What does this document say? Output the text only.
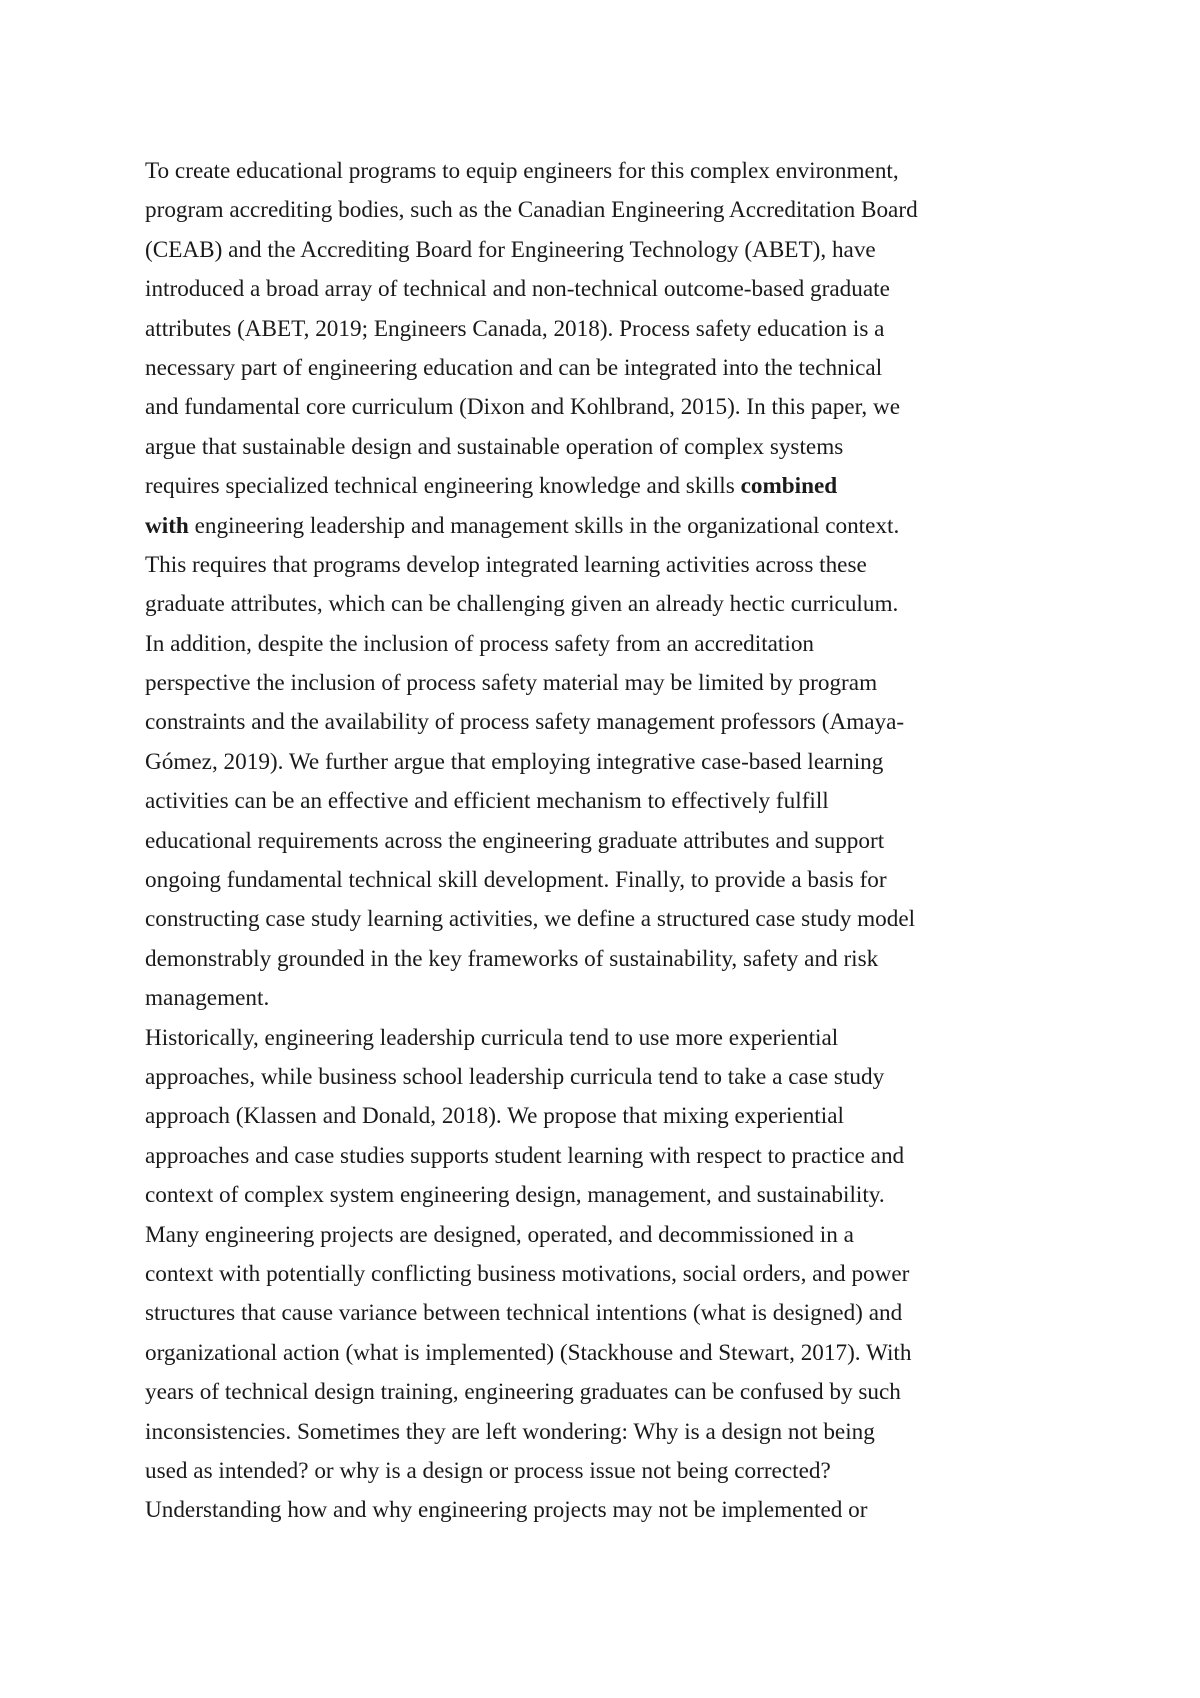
To create educational programs to equip engineers for this complex environment,
program accrediting bodies, such as the Canadian Engineering Accreditation Board
(CEAB) and the Accrediting Board for Engineering Technology (ABET), have
introduced a broad array of technical and non-technical outcome-based graduate
attributes (ABET, 2019; Engineers Canada, 2018). Process safety education is a
necessary part of engineering education and can be integrated into the technical
and fundamental core curriculum (Dixon and Kohlbrand, 2015). In this paper, we
argue that sustainable design and sustainable operation of complex systems
requires specialized technical engineering knowledge and skills combined
with engineering leadership and management skills in the organizational context.
This requires that programs develop integrated learning activities across these
graduate attributes, which can be challenging given an already hectic curriculum.
In addition, despite the inclusion of process safety from an accreditation
perspective the inclusion of process safety material may be limited by program
constraints and the availability of process safety management professors (Amaya-
Gómez, 2019). We further argue that employing integrative case-based learning
activities can be an effective and efficient mechanism to effectively fulfill
educational requirements across the engineering graduate attributes and support
ongoing fundamental technical skill development. Finally, to provide a basis for
constructing case study learning activities, we define a structured case study model
demonstrably grounded in the key frameworks of sustainability, safety and risk
management.
Historically, engineering leadership curricula tend to use more experiential
approaches, while business school leadership curricula tend to take a case study
approach (Klassen and Donald, 2018). We propose that mixing experiential
approaches and case studies supports student learning with respect to practice and
context of complex system engineering design, management, and sustainability.
Many engineering projects are designed, operated, and decommissioned in a
context with potentially conflicting business motivations, social orders, and power
structures that cause variance between technical intentions (what is designed) and
organizational action (what is implemented) (Stackhouse and Stewart, 2017). With
years of technical design training, engineering graduates can be confused by such
inconsistencies. Sometimes they are left wondering: Why is a design not being
used as intended? or why is a design or process issue not being corrected?
Understanding how and why engineering projects may not be implemented or
